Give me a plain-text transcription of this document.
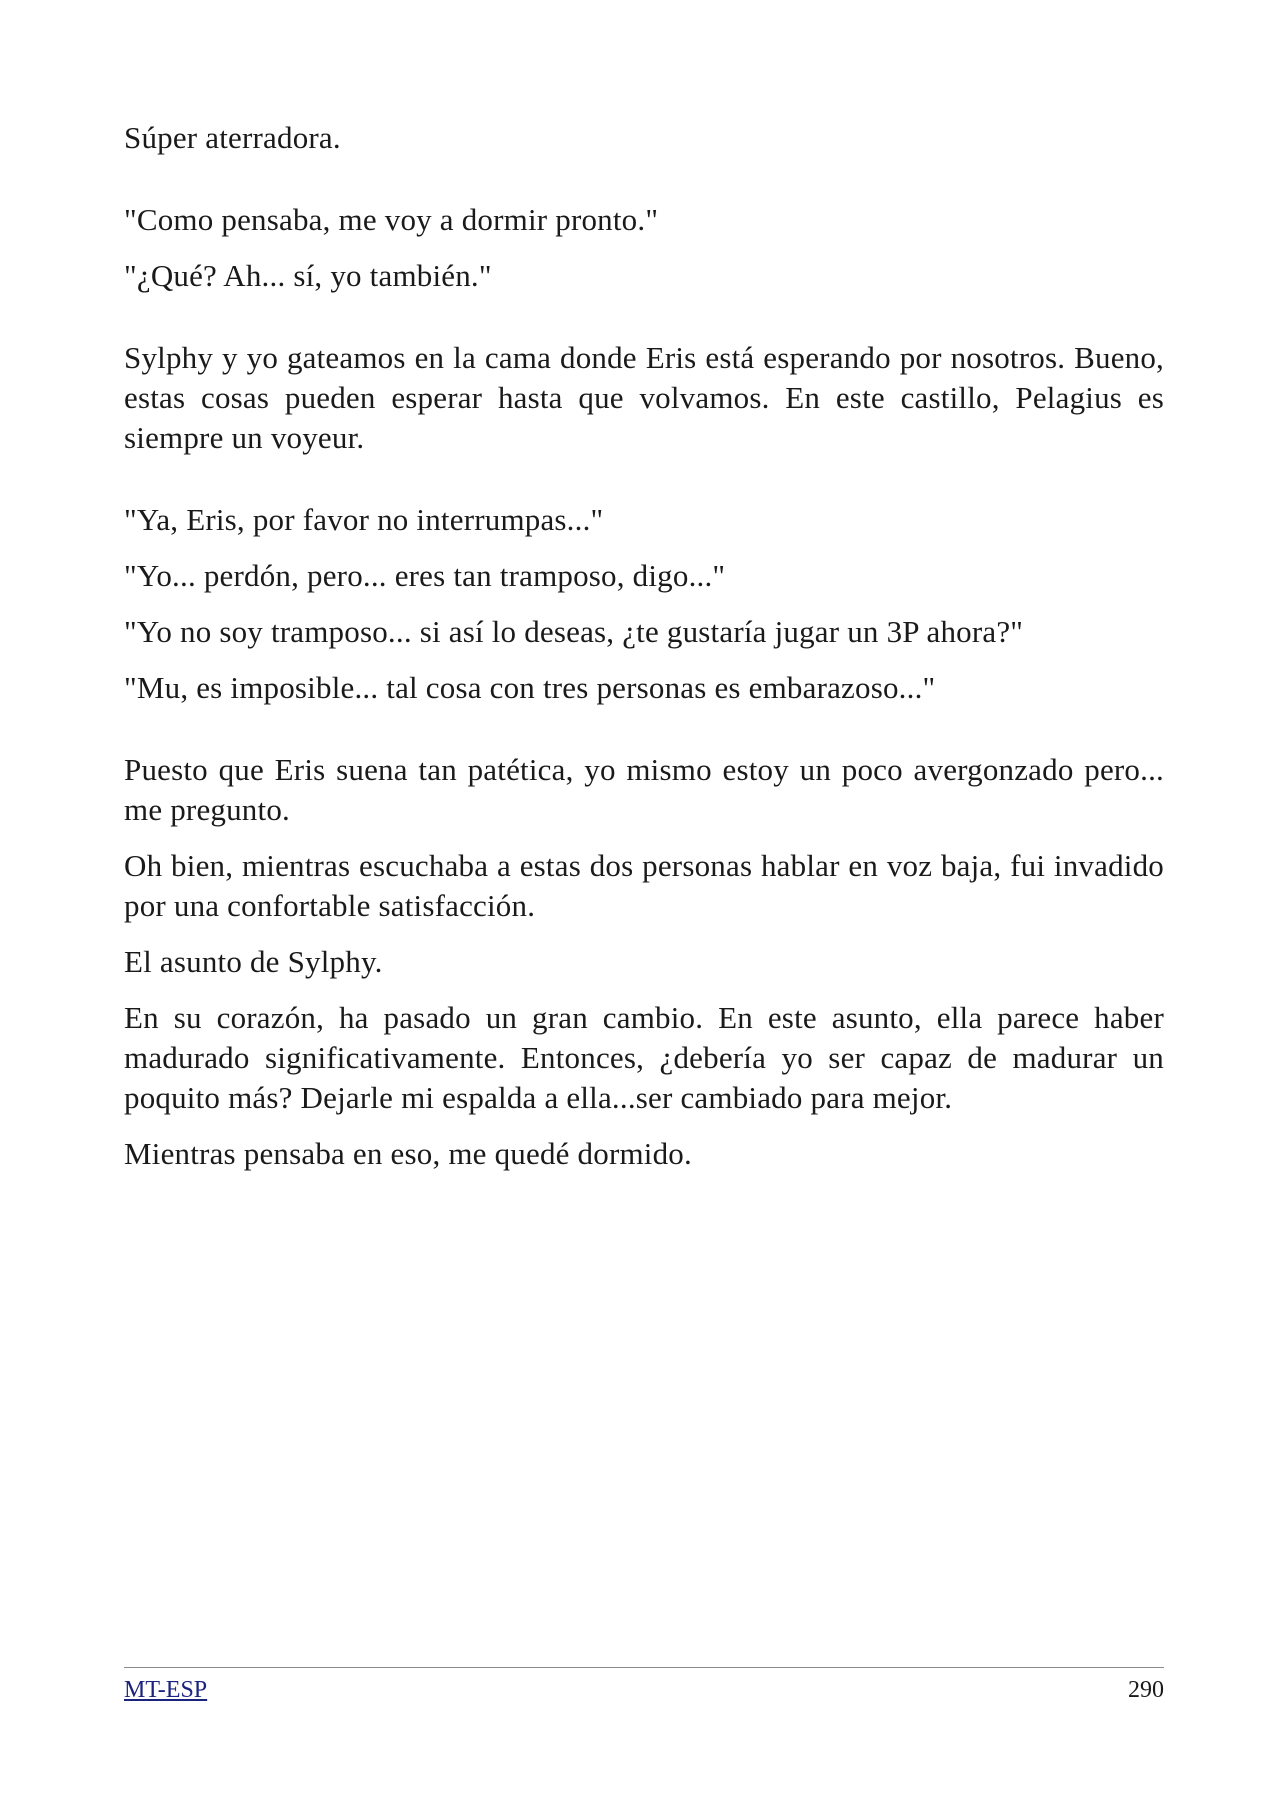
Súper aterradora.

"Como pensaba, me voy a dormir pronto."

"¿Qué? Ah... sí, yo también."

Sylphy y yo gateamos en la cama donde Eris está esperando por nosotros. Bueno, estas cosas pueden esperar hasta que volvamos. En este castillo, Pelagius es siempre un voyeur.

"Ya, Eris, por favor no interrumpas..."

"Yo... perdón, pero... eres tan tramposo, digo..."

"Yo no soy tramposo... si así lo deseas, ¿te gustaría jugar un 3P ahora?"

"Mu, es imposible... tal cosa con tres personas es embarazoso..."

Puesto que Eris suena tan patética, yo mismo estoy un poco avergonzado pero... me pregunto.

Oh bien, mientras escuchaba a estas dos personas hablar en voz baja, fui invadido por una confortable satisfacción.

El asunto de Sylphy.

En su corazón, ha pasado un gran cambio. En este asunto, ella parece haber madurado significativamente. Entonces, ¿debería yo ser capaz de madurar un poquito más? Dejarle mi espalda a ella...ser cambiado para mejor.

Mientras pensaba en eso, me quedé dormido.

MT-ESP	290
